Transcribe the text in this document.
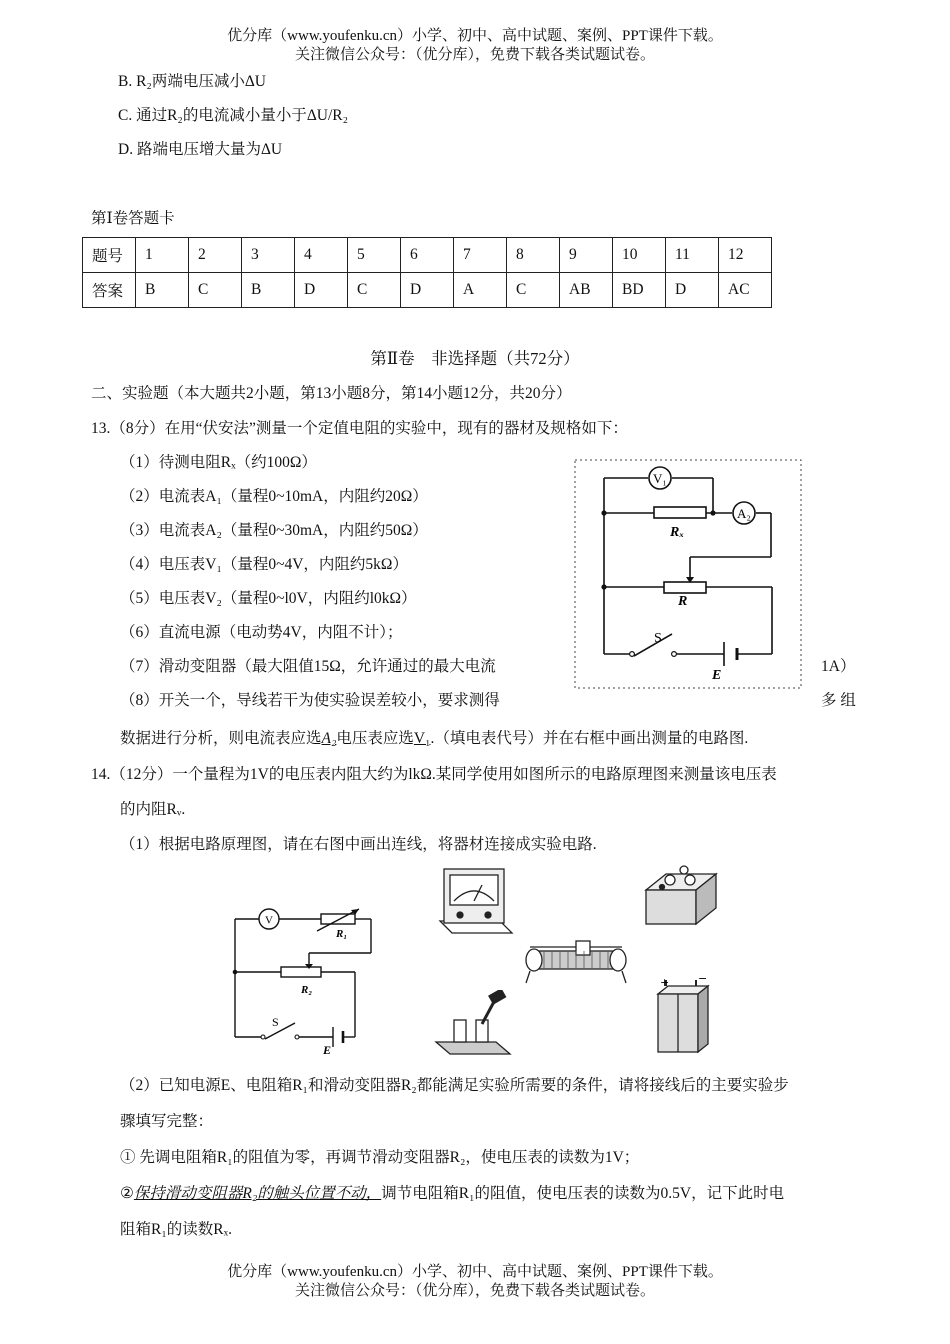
优分库（www.youfenku.cn）小学、初中、高中试题、案例、PPT课件下载。
关注微信公众号：（优分库），免费下载各类试题试卷。
B. R₂两端电压减小ΔU
C. 通过R₂的电流减小量小于ΔU/R₂
D. 路端电压增大量为ΔU
第Ⅰ卷答题卡
题号	1	2	3	4	5	6	7	8	9	10	11	12
答案	B	C	B	D	C	D	A	C	AB	BD	D	AC
第Ⅱ卷　非选择题（共72分）
二、实验题（本大题共2小题，第13小题8分，第14小题12分，共20分）
13.（8分）在用“伏安法”测量一个定值电阻的实验中，现有的器材及规格如下：
（1）待测电阻Rₓ（约100Ω）
（2）电流表A₁（量程0~10mA，内阻约20Ω）
（3）电流表A₂（量程0~30mA，内阻约50Ω）
（4）电压表V₁（量程0~4V，内阻约5kΩ）
（5）电压表V₂（量程0~l0V，内阻约l0kΩ）
（6）直流电源（电动势4V，内阻不计）；
（7）滑动变阻器（最大阻值15Ω，允许通过的最大电流	1A）
（8）开关一个，导线若干为使实验误差较小，要求测得	多 组
数据进行分析，则电流表应选A₂电压表应选V₁.（填电表代号）并在右框中画出测量的电路图.
V₁
A₂
Rₓ
R
S
E
14.（12分）一个量程为1V的电压表内阻大约为lkΩ.某同学使用如图所示的电路原理图来测量该电压表
的内阻Rᵥ.
（1）根据电路原理图，请在右图中画出连线，将器材连接成实验电路.
V
R₁
R₂
S
E
+	−
（2）已知电源E、电阻箱R₁和滑动变阻器R₂都能满足实验所需要的条件，请将接线后的主要实验步
骤填写完整：
① 先调电阻箱R₁的阻值为零，再调节滑动变阻器R₂，使电压表的读数为1V；
②保持滑动变阻器R₂的触头位置不动，调节电阻箱R₁的阻值，使电压表的读数为0.5V，记下此时电
阻箱R₁的读数Rₓ.
优分库（www.youfenku.cn）小学、初中、高中试题、案例、PPT课件下载。
关注微信公众号：（优分库），免费下载各类试题试卷。
